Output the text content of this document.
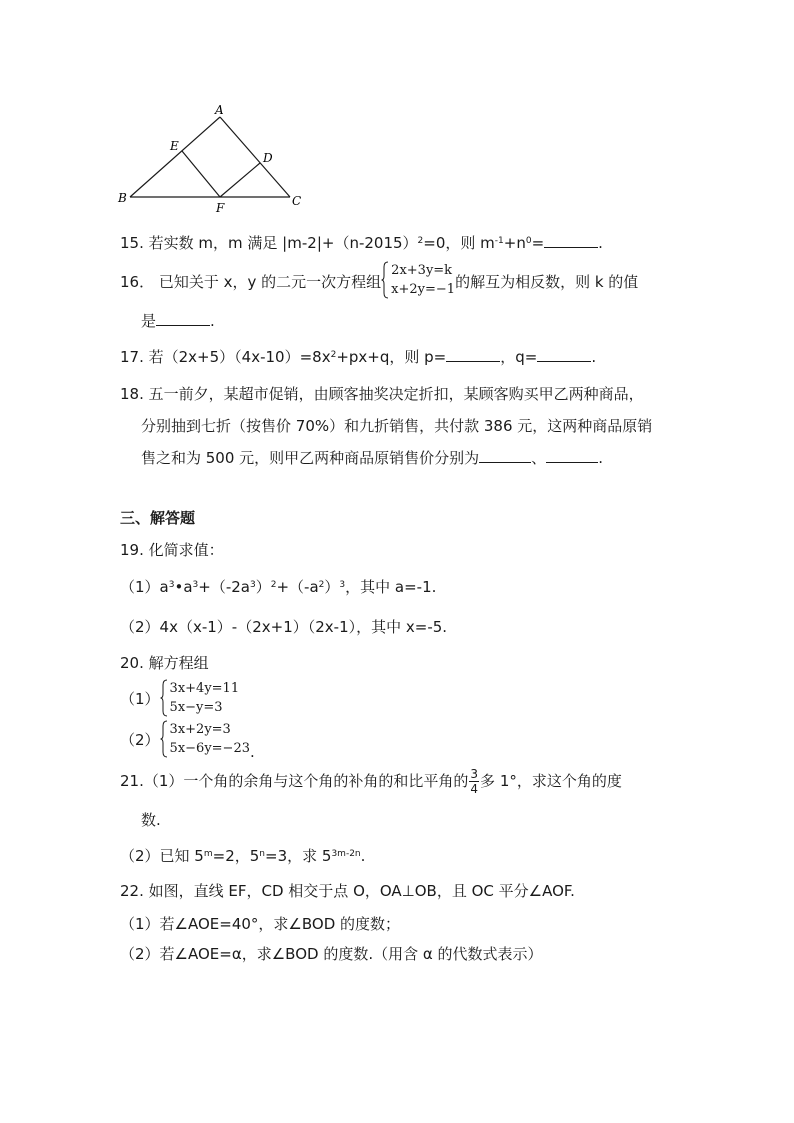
A
B	C
D
E
F
15. 若实数 m，m 满足 $|m-2|+(n-2015)^2=0$，则 $m^{-1}+n^0=$	.
16． 已知关于 x，y 的二元一次方程组
2x+3y=k
x+2y=−1 的解互为相反数，则 k 的值
是	.
17. 若$(2x+5)(4x-10)=8x^2+px+q$，则 p=	，q=	.
18. 五一前夕，某超市促销，由顾客抽奖决定折扣，某顾客购买甲乙两种商品，
分别抽到七折（按售价 70%）和九折销售，共付款 386 元，这两种商品原销
售之和为 500 元，则甲乙两种商品原销售价分别为	、	.
三、解答题
19. 化简求值：
$(1)a^3•a^3+(-2a^3)^2+(-a^2)^3$，其中 a=-1.
（2）4x（x-1）-（2x+1）（2x-1），其中 x=-5.
20. 解方程组
（1）
3x+4y=11
5x−y=3
（2）
3x+2y=3
5x−6y=−23 .
21.（1）一个角的余角与这个角的补角的和比平角的 $\frac{3}{4}$ 多 1°，求这个角的度
数.
（2）已知 $5^m=2$，$5^n=3$，求 $5^{3m-2n}$.
22. 如图，直线 EF，CD 相交于点 O，OA⊥OB，且 OC 平分∠AOF.
（1）若∠AOE=40°，求∠BOD 的度数；
（2）若∠AOE=α，求∠BOD 的度数.（用含 α 的代数式表示）
